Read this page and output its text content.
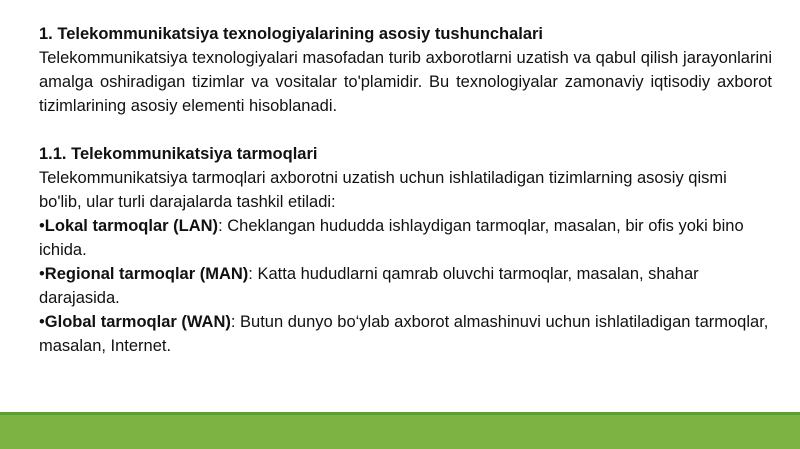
1. Telekommunikatsiya texnologiyalarining asosiy tushunchalari

Telekommunikatsiya texnologiyalari masofadan turib axborotlarni uzatish va qabul qilish jarayonlarini amalga oshiradigan tizimlar va vositalar to'plamidir. Bu texnologiyalar zamonaviy iqtisodiy axborot tizimlarining asosiy elementi hisoblanadi.

1.1. Telekommunikatsiya tarmoqlari

Telekommunikatsiya tarmoqlari axborotni uzatish uchun ishlatiladigan tizimlarning asosiy qismi bo'lib, ular turli darajalarda tashkil etiladi:

•Lokal tarmoqlar (LAN): Cheklangan hududda ishlaydigan tarmoqlar, masalan, bir ofis yoki bino ichida.

•Regional tarmoqlar (MAN): Katta hududlarni qamrab oluvchi tarmoqlar, masalan, shahar darajasida.

•Global tarmoqlar (WAN): Butun dunyo bo‘ylab axborot almashinuvi uchun ishlatiladigan tarmoqlar, masalan, Internet.
